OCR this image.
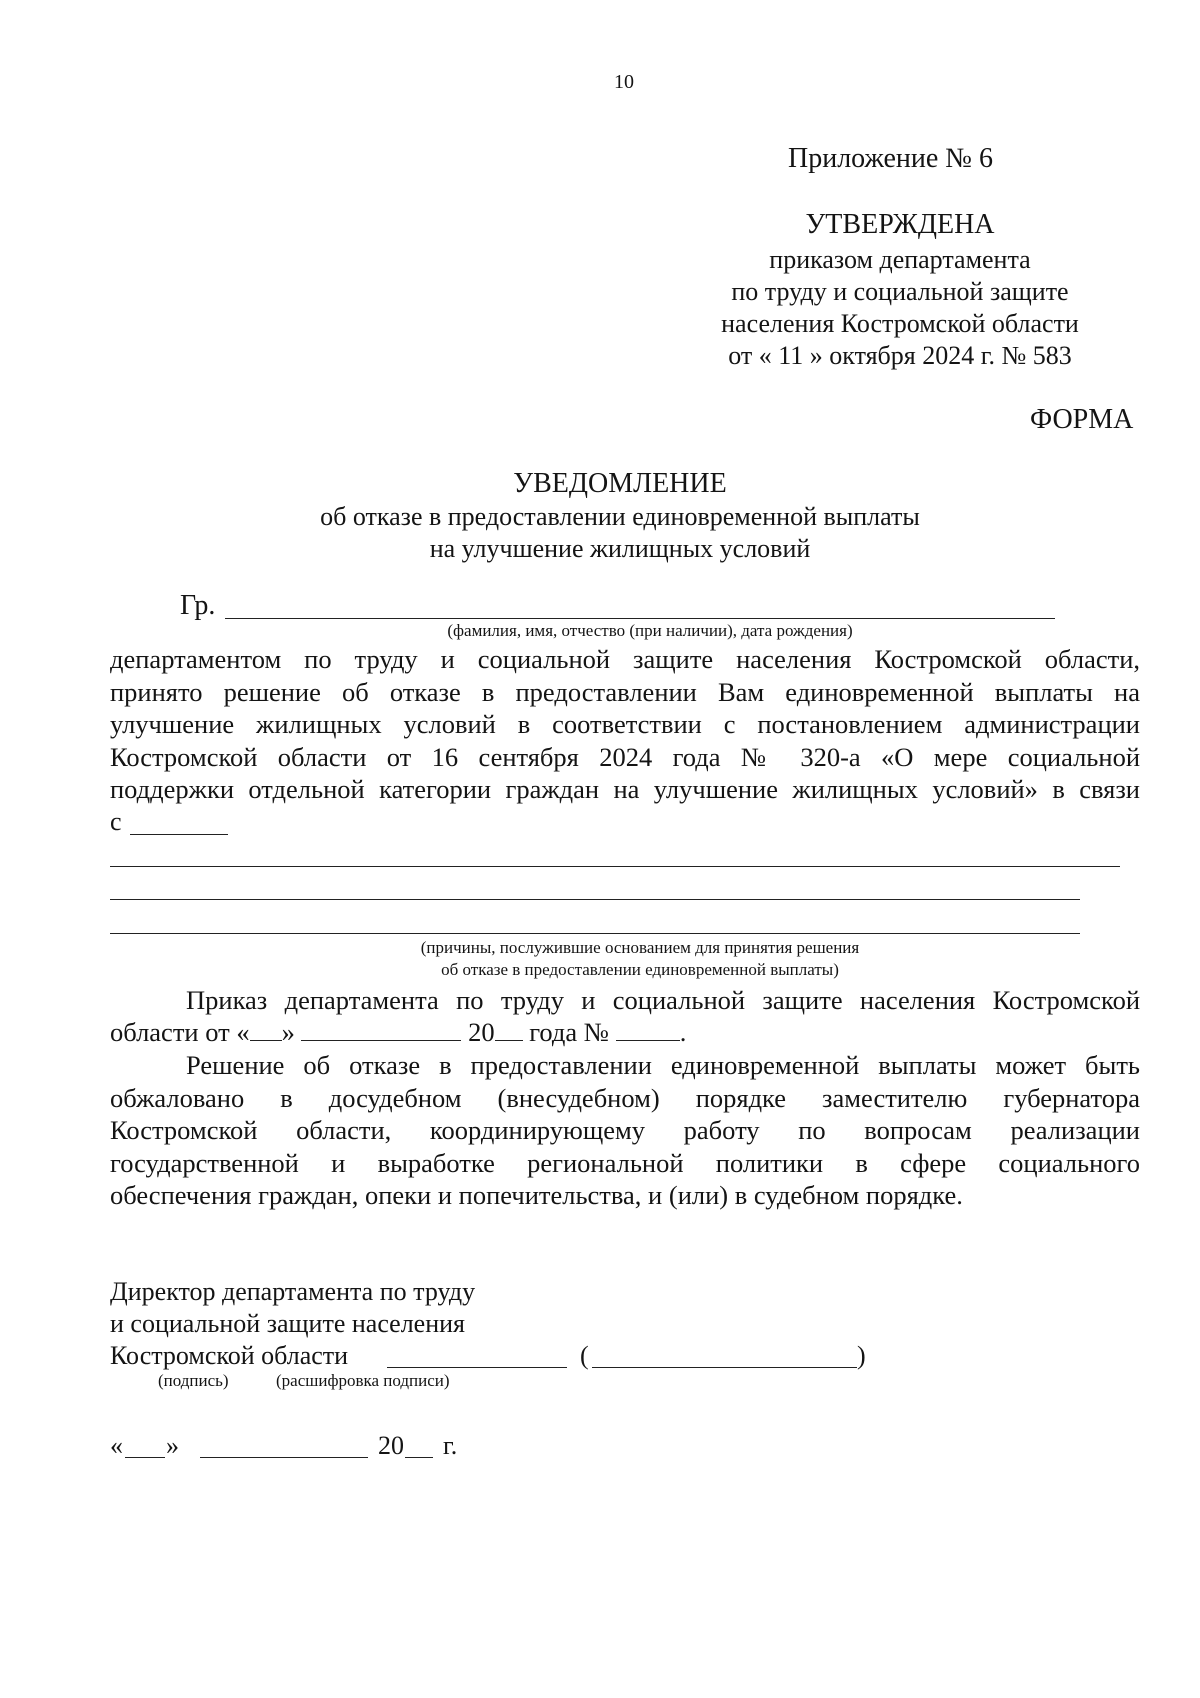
10
Приложение № 6
УТВЕРЖДЕНА
приказом департамента
по труду и социальной защите
населения Костромской области
от « 11 » октября 2024 г. № 583
ФОРМА
УВЕДОМЛЕНИЕ
об отказе в предоставлении единовременной выплаты
на улучшение жилищных условий
Гр.
(фамилия, имя, отчество (при наличии), дата рождения)
департаментом по труду и социальной защите населения Костромской области,
принято решение об отказе в предоставлении Вам единовременной выплаты на
улучшение жилищных условий в соответствии с постановлением администрации
Костромской области от 16 сентября 2024 года № 320-а «О мере социальной
поддержки отдельной категории граждан на улучшение жилищных условий» в связи
с
(причины, послужившие основанием для принятия решения
об отказе в предоставлении единовременной выплаты)
Приказ департамента по труду и социальной защите населения Костромской
области от « »	20 года №	.
Решение об отказе в предоставлении единовременной выплаты может быть
обжаловано в досудебном (внесудебном) порядке заместителю губернатора
Костромской области, координирующему работу по вопросам реализации
государственной и выработке региональной политики в сфере социального
обеспечения граждан, опеки и попечительства, и (или) в судебном порядке.
Директор департамента по труду
и социальной защите населения
Костромской области	(	)
(подпись)	(расшифровка подписи)
« »	20 г.
